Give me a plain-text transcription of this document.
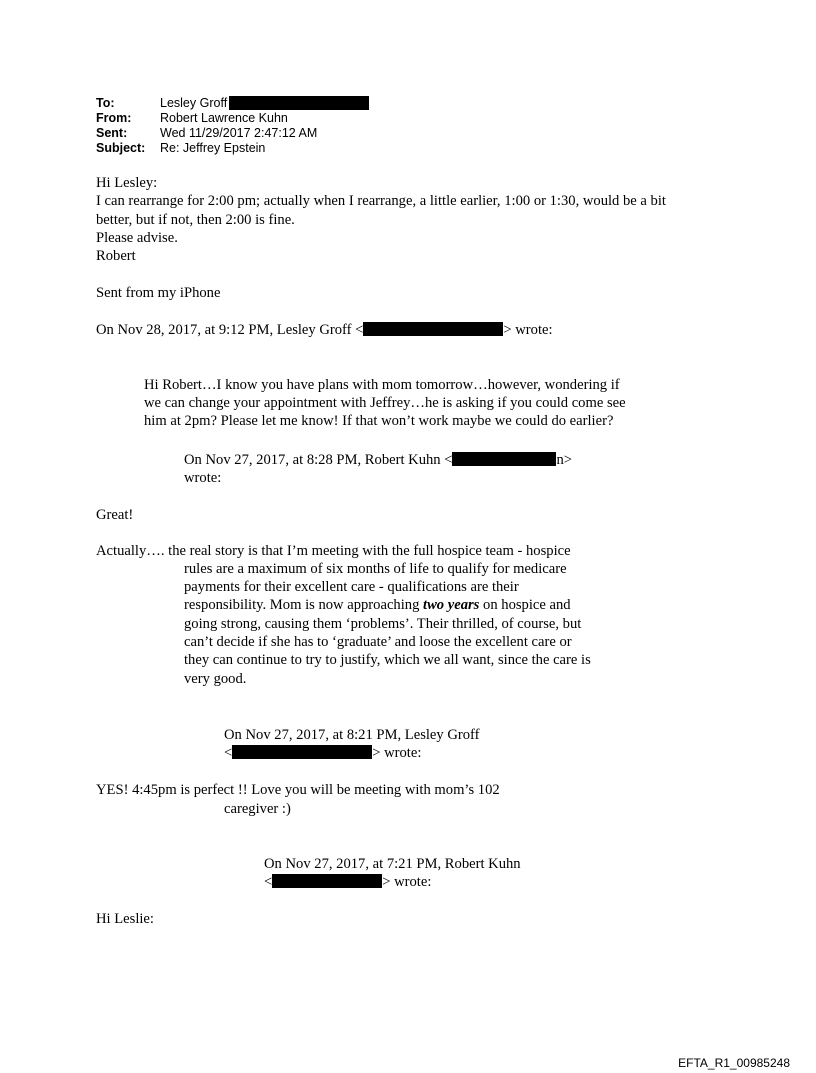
To:	Lesley Groff
From:	Robert Lawrence Kuhn
Sent:	Wed 11/29/2017 2:47:12 AM
Subject:	Re: Jeffrey Epstein
Hi Lesley:
I can rearrange for 2:00 pm; actually when I rearrange, a little earlier, 1:00 or 1:30, would be a bit
better, but if not, then 2:00 is fine.
Please advise.
Robert
Sent from my iPhone
On Nov 28, 2017, at 9:12 PM, Lesley Groff <	> wrote:
Hi Robert…I know you have plans with mom tomorrow…however, wondering if
we can change your appointment with Jeffrey…he is asking if you could come see
him at 2pm? Please let me know! If that won’t work maybe we could do earlier?
On Nov 27, 2017, at 8:28 PM, Robert Kuhn <	n>
wrote:
Great!
Actually…. the real story is that I’m meeting with the full hospice team - hospice
rules are a maximum of six months of life to qualify for medicare
payments for their excellent care - qualifications are their
responsibility. Mom is now approaching two years on hospice and
going strong, causing them ‘problems’. Their thrilled, of course, but
can’t decide if she has to ‘graduate’ and loose the excellent care or
they can continue to try to justify, which we all want, since the care is
very good.
On Nov 27, 2017, at 8:21 PM, Lesley Groff
<	> wrote:
YES! 4:45pm is perfect !! Love you will be meeting with mom’s 102
caregiver :)
On Nov 27, 2017, at 7:21 PM, Robert Kuhn
<	> wrote:
Hi Leslie:
EFTA_R1_00985248
